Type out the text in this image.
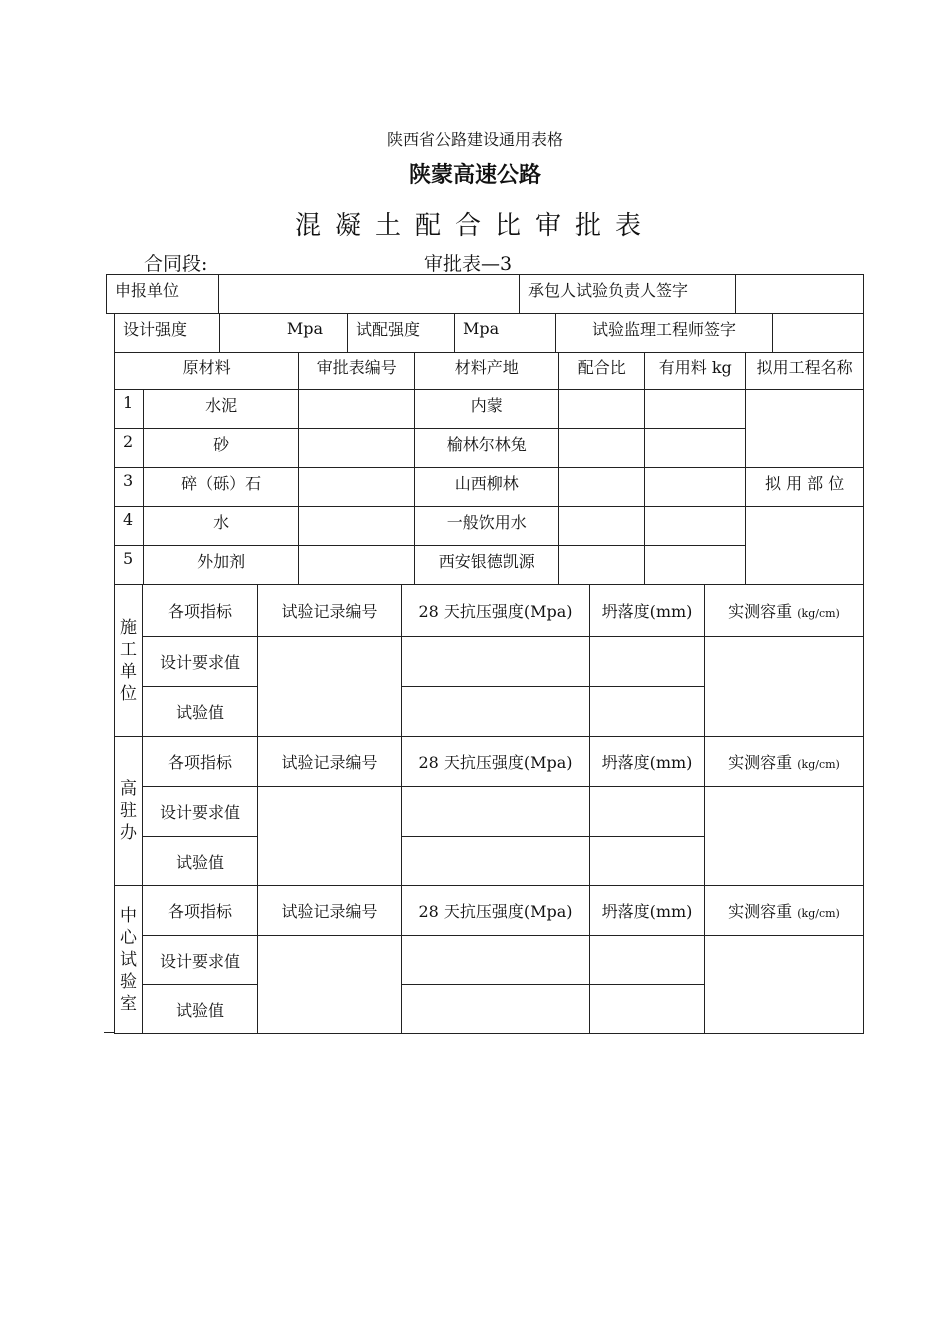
陕西省公路建设通用表格
陕蒙高速公路
混凝土配合比审批表
合同段:	审批表—3
申报单位		承包人试验负责人签字	
设计强度	Mpa	试配强度	Mpa	试验监理工程师签字	
原材料		审批表编号	材料产地	配合比	有用料 kg	拟用工程名称
1	水泥		内蒙			
2	砂		榆林尔林兔			
3	碎（砾）石		山西柳林			拟 用 部 位
4	水		一般饮用水			
5	外加剂		西安银德凯源			
施
工
单
位	各项指标	试验记录编号	28 天抗压强度(Mpa)	坍落度(mm)	实测容重 (kg/cm)
	设计要求值				
	试验值				
高
驻
办	各项指标	试验记录编号	28 天抗压强度(Mpa)	坍落度(mm)	实测容重 (kg/cm)
	设计要求值				
	试验值				
中
心
试
验
室	各项指标	试验记录编号	28 天抗压强度(Mpa)	坍落度(mm)	实测容重 (kg/cm)
	设计要求值				
	试验值				
